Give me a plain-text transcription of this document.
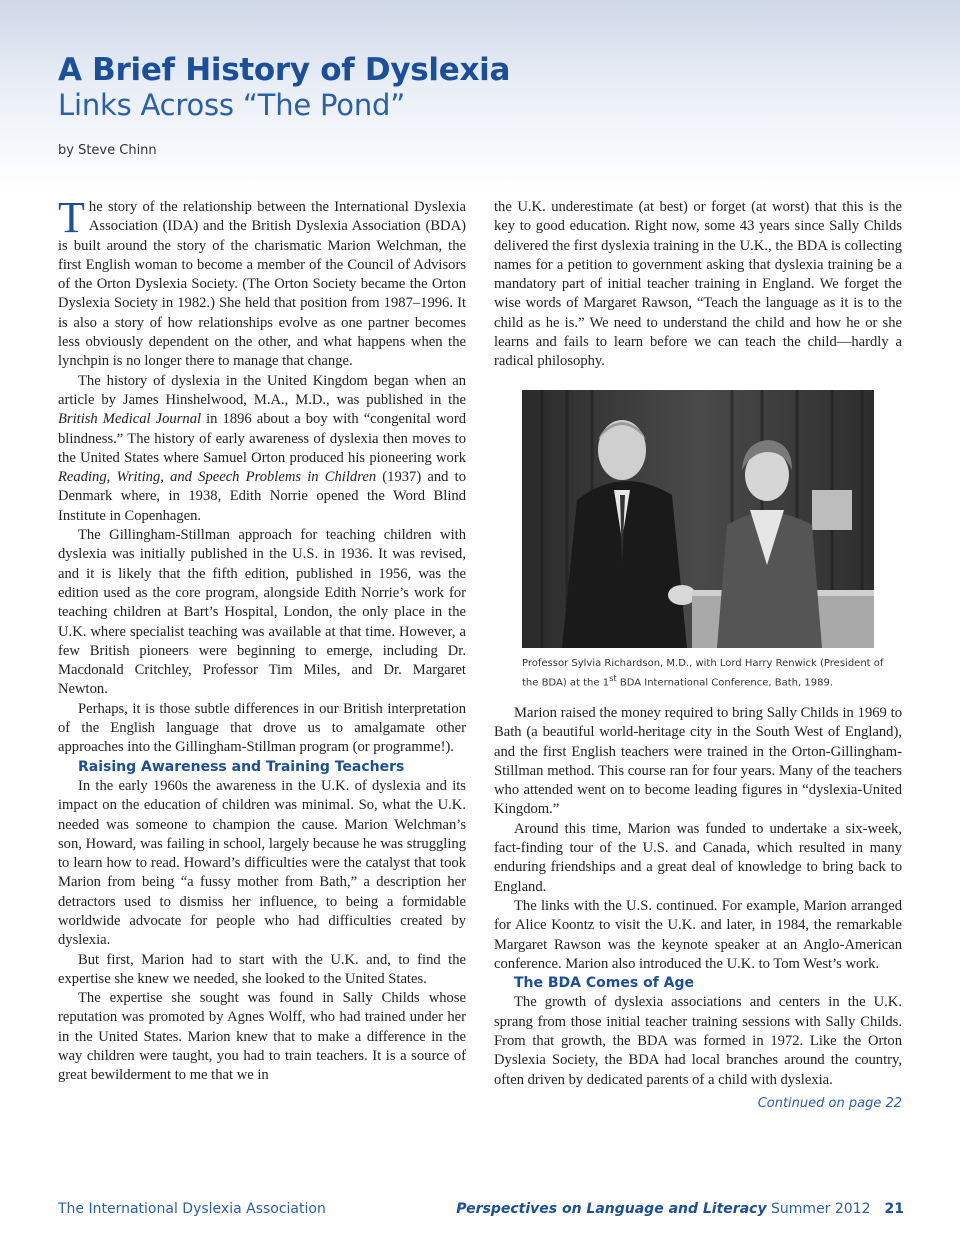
A Brief History of Dyslexia
Links Across “The Pond”
by Steve Chinn

The story of the relationship between the International Dyslexia Association (IDA) and the British Dyslexia Association (BDA) is built around the story of the charismatic Marion Welchman, the first English woman to become a member of the Council of Advisors of the Orton Dyslexia Society. (The Orton Society became the Orton Dyslexia Society in 1982.) She held that position from 1987–1996. It is also a story of how relationships evolve as one partner becomes less obviously dependent on the other, and what happens when the lynchpin is no longer there to manage that change.

The history of dyslexia in the United Kingdom began when an article by James Hinshelwood, M.A., M.D., was published in the British Medical Journal in 1896 about a boy with “congenital word blindness.” The history of early awareness of dyslexia then moves to the United States where Samuel Orton produced his pioneering work Reading, Writing, and Speech Problems in Children (1937) and to Denmark where, in 1938, Edith Norrie opened the Word Blind Institute in Copenhagen.

The Gillingham-Stillman approach for teaching children with dyslexia was initially published in the U.S. in 1936. It was revised, and it is likely that the fifth edition, published in 1956, was the edition used as the core program, alongside Edith Norrie’s work for teaching children at Bart’s Hospital, London, the only place in the U.K. where specialist teaching was available at that time. However, a few British pioneers were beginning to emerge, including Dr. Macdonald Critchley, Professor Tim Miles, and Dr. Margaret Newton.

Perhaps, it is those subtle differences in our British interpretation of the English language that drove us to amalgamate other approaches into the Gillingham-Stillman program (or programme!).

Raising Awareness and Training Teachers

In the early 1960s the awareness in the U.K. of dyslexia and its impact on the education of children was minimal. So, what the U.K. needed was someone to champion the cause. Marion Welchman’s son, Howard, was failing in school, largely because he was struggling to learn how to read. Howard’s difficulties were the catalyst that took Marion from being “a fussy mother from Bath,” a description her detractors used to dismiss her influence, to being a formidable worldwide advocate for people who had difficulties created by dyslexia.

But first, Marion had to start with the U.K. and, to find the expertise she knew we needed, she looked to the United States.

The expertise she sought was found in Sally Childs whose reputation was promoted by Agnes Wolff, who had trained under her in the United States. Marion knew that to make a difference in the way children were taught, you had to train teachers. It is a source of great bewilderment to me that we in

the U.K. underestimate (at best) or forget (at worst) that this is the key to good education. Right now, some 43 years since Sally Childs delivered the first dyslexia training in the U.K., the BDA is collecting names for a petition to government asking that dyslexia training be a mandatory part of initial teacher training in England. We forget the wise words of Margaret Rawson, “Teach the language as it is to the child as he is.” We need to understand the child and how he or she learns and fails to learn before we can teach the child—hardly a radical philosophy.

Professor Sylvia Richardson, M.D., with Lord Harry Renwick (President of the BDA) at the 1st BDA International Conference, Bath, 1989.

Marion raised the money required to bring Sally Childs in 1969 to Bath (a beautiful world-heritage city in the South West of England), and the first English teachers were trained in the Orton-Gillingham-Stillman method. This course ran for four years. Many of the teachers who attended went on to become leading figures in “dyslexia-United Kingdom.”

Around this time, Marion was funded to undertake a six-week, fact-finding tour of the U.S. and Canada, which resulted in many enduring friendships and a great deal of knowledge to bring back to England.

The links with the U.S. continued. For example, Marion arranged for Alice Koontz to visit the U.K. and later, in 1984, the remarkable Margaret Rawson was the keynote speaker at an Anglo-American conference. Marion also introduced the U.K. to Tom West’s work.

The BDA Comes of Age

The growth of dyslexia associations and centers in the U.K. sprang from those initial teacher training sessions with Sally Childs. From that growth, the BDA was formed in 1972. Like the Orton Dyslexia Society, the BDA had local branches around the country, often driven by dedicated parents of a child with dyslexia.

Continued on page 22
The International Dyslexia Association	Perspectives on Language and Literacy Summer 2012 21
